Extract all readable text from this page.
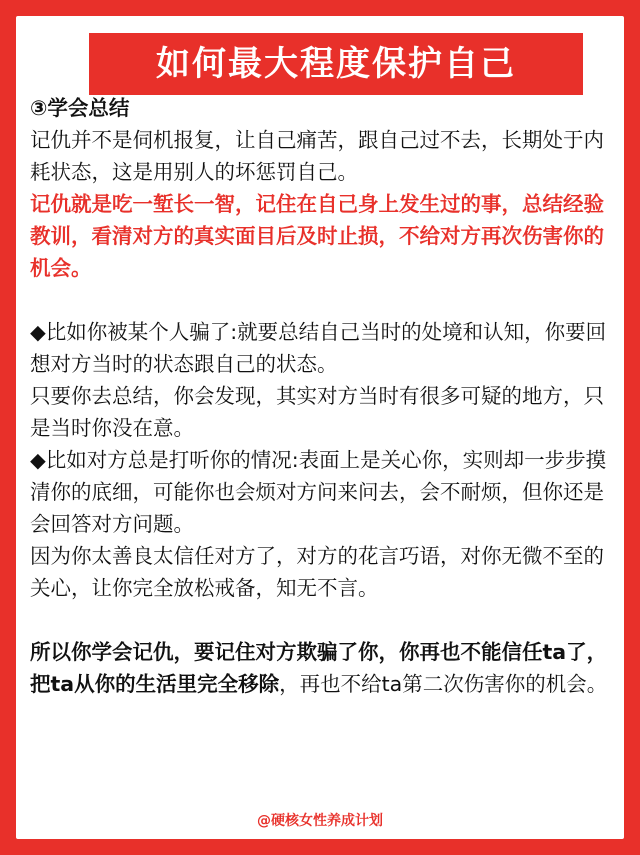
如何最大程度保护自己

③学会总结

记仇并不是伺机报复，让自己痛苦，跟自己过不去，长期处于内耗状态，这是用别人的坏惩罚自己。

记仇就是吃一堑长一智，记住在自己身上发生过的事，总结经验教训，看清对方的真实面目后及时止损，不给对方再次伤害你的机会。

◆比如你被某个人骗了:就要总结自己当时的处境和认知，你要回想对方当时的状态跟自己的状态。

只要你去总结，你会发现，其实对方当时有很多可疑的地方，只是当时你没在意。

◆比如对方总是打听你的情况:表面上是关心你，实则却一步步摸清你的底细，可能你也会烦对方问来问去，会不耐烦，但你还是会回答对方问题。

因为你太善良太信任对方了，对方的花言巧语，对你无微不至的关心，让你完全放松戒备，知无不言。

所以你学会记仇，要记住对方欺骗了你，你再也不能信任ta了，把ta从你的生活里完全移除，再也不给ta第二次伤害你的机会。

@硬核女性养成计划
